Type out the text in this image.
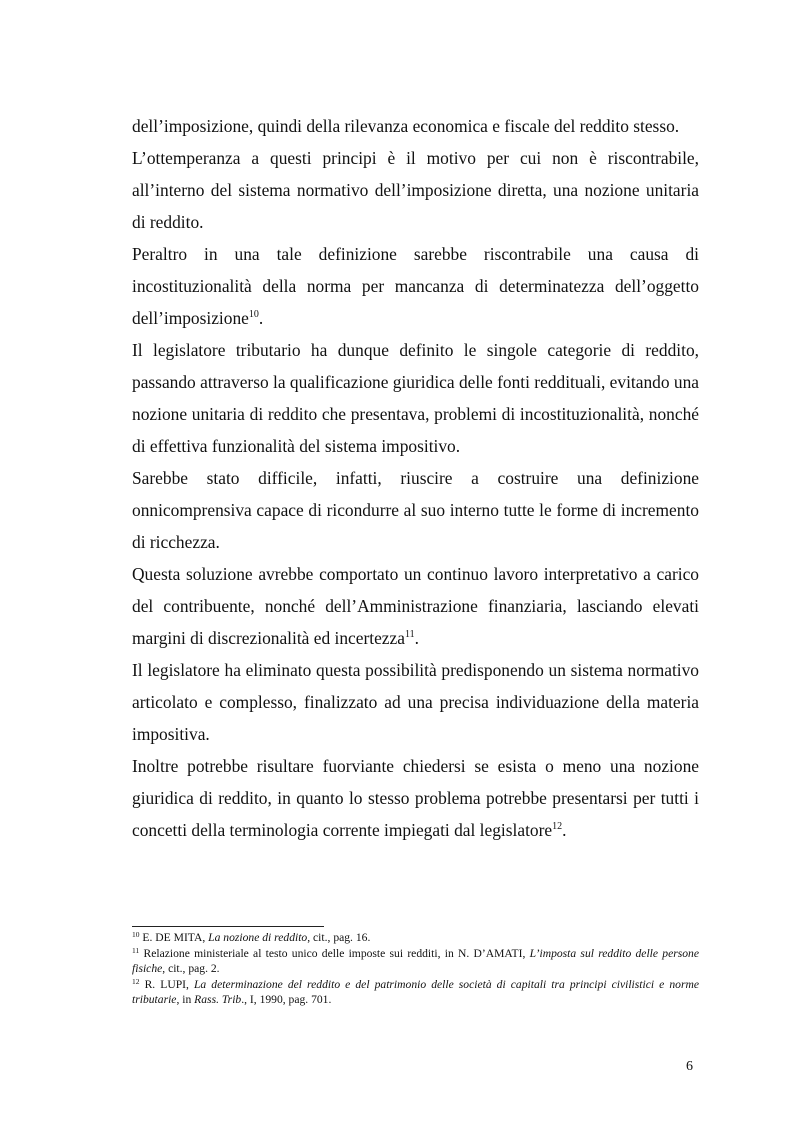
dell’imposizione, quindi della rilevanza economica e fiscale del reddito stesso.

L’ottemperanza a questi principi è il motivo per cui non è riscontrabile, all’interno del sistema normativo dell’imposizione diretta, una nozione unitaria di reddito.

Peraltro in una tale definizione sarebbe riscontrabile una causa di incostituzionalità della norma per mancanza di determinatezza dell’oggetto dell’imposizione$^{10}$.

Il legislatore tributario ha dunque definito le singole categorie di reddito, passando attraverso la qualificazione giuridica delle fonti reddituali, evitando una nozione unitaria di reddito che presentava, problemi di incostituzionalità, nonché di effettiva funzionalità del sistema impositivo.

Sarebbe stato difficile, infatti, riuscire a costruire una definizione onnicomprensiva capace di ricondurre al suo interno tutte le forme di incremento di ricchezza.

Questa soluzione avrebbe comportato un continuo lavoro interpretativo a carico del contribuente, nonché dell’Amministrazione finanziaria, lasciando elevati margini di discrezionalità ed incertezza$^{11}$.

Il legislatore ha eliminato questa possibilità predisponendo un sistema normativo articolato e complesso, finalizzato ad una precisa individuazione della materia impositiva.

Inoltre potrebbe risultare fuorviante chiedersi se esista o meno una nozione giuridica di reddito, in quanto lo stesso problema potrebbe presentarsi per tutti i concetti della terminologia corrente impiegati dal legislatore$^{12}$.

$^{10}$ E. DE MITA, La nozione di reddito, cit., pag. 16.

$^{11}$ Relazione ministeriale al testo unico delle imposte sui redditi, in N. D’AMATI, L’imposta sul reddito delle persone fisiche, cit., pag. 2.

$^{12}$ R. LUPI, La determinazione del reddito e del patrimonio delle società di capitali tra principi civilistici e norme tributarie, in Rass. Trib., I, 1990, pag. 701.

6
